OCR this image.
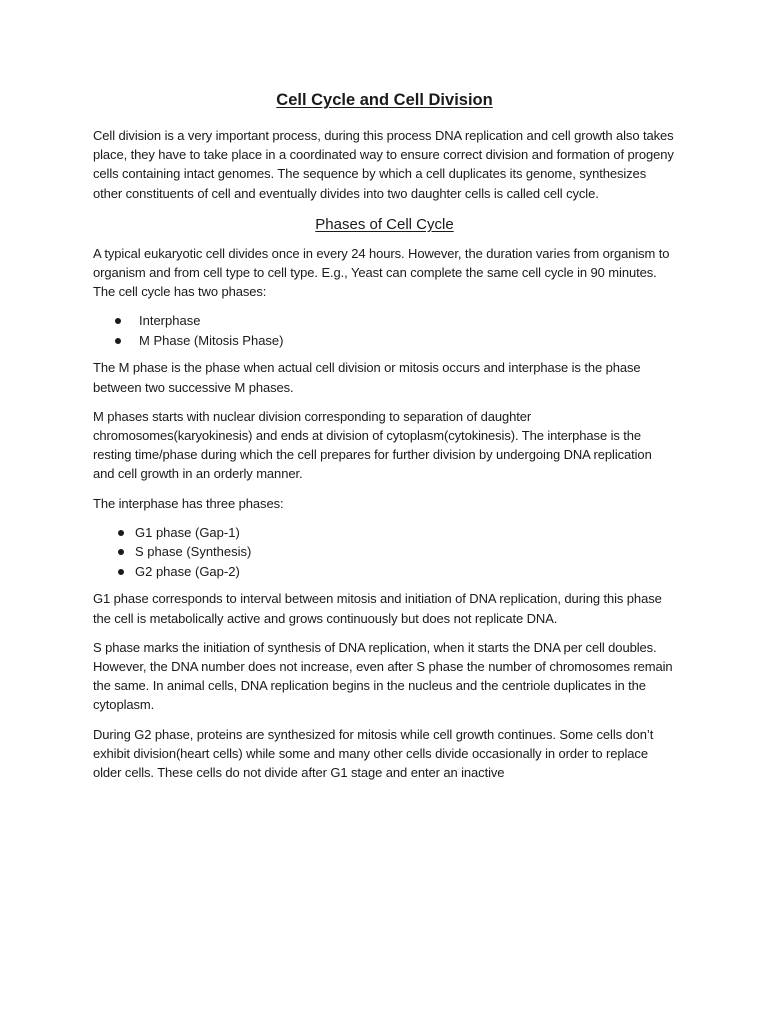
Cell Cycle and Cell Division

Cell division is a very important process, during this process DNA replication and cell growth also takes place, they have to take place in a coordinated way to ensure correct division and formation of progeny cells containing intact genomes. The sequence by which a cell duplicates its genome, synthesizes other constituents of cell and eventually divides into two daughter cells is called cell cycle.

Phases of Cell Cycle

A typical eukaryotic cell divides once in every 24 hours. However, the duration varies from organism to organism and from cell type to cell type. E.g., Yeast can complete the same cell cycle in 90 minutes. The cell cycle has two phases:

Interphase
M Phase (Mitosis Phase)

The M phase is the phase when actual cell division or mitosis occurs and interphase is the phase between two successive M phases.

M phases starts with nuclear division corresponding to separation of daughter chromosomes(karyokinesis) and ends at division of cytoplasm(cytokinesis). The interphase is the resting time/phase during which the cell prepares for further division by undergoing DNA replication and cell growth in an orderly manner.

The interphase has three phases:

G1 phase (Gap-1)
S phase (Synthesis)
G2 phase (Gap-2)

G1 phase corresponds to interval between mitosis and initiation of DNA replication, during this phase the cell is metabolically active and grows continuously but does not replicate DNA.

S phase marks the initiation of synthesis of DNA replication, when it starts the DNA per cell doubles. However, the DNA number does not increase, even after S phase the number of chromosomes remain the same. In animal cells, DNA replication begins in the nucleus and the centriole duplicates in the cytoplasm.

During G2 phase, proteins are synthesized for mitosis while cell growth continues. Some cells don’t exhibit division(heart cells) while some and many other cells divide occasionally in order to replace older cells. These cells do not divide after G1 stage and enter an inactive
